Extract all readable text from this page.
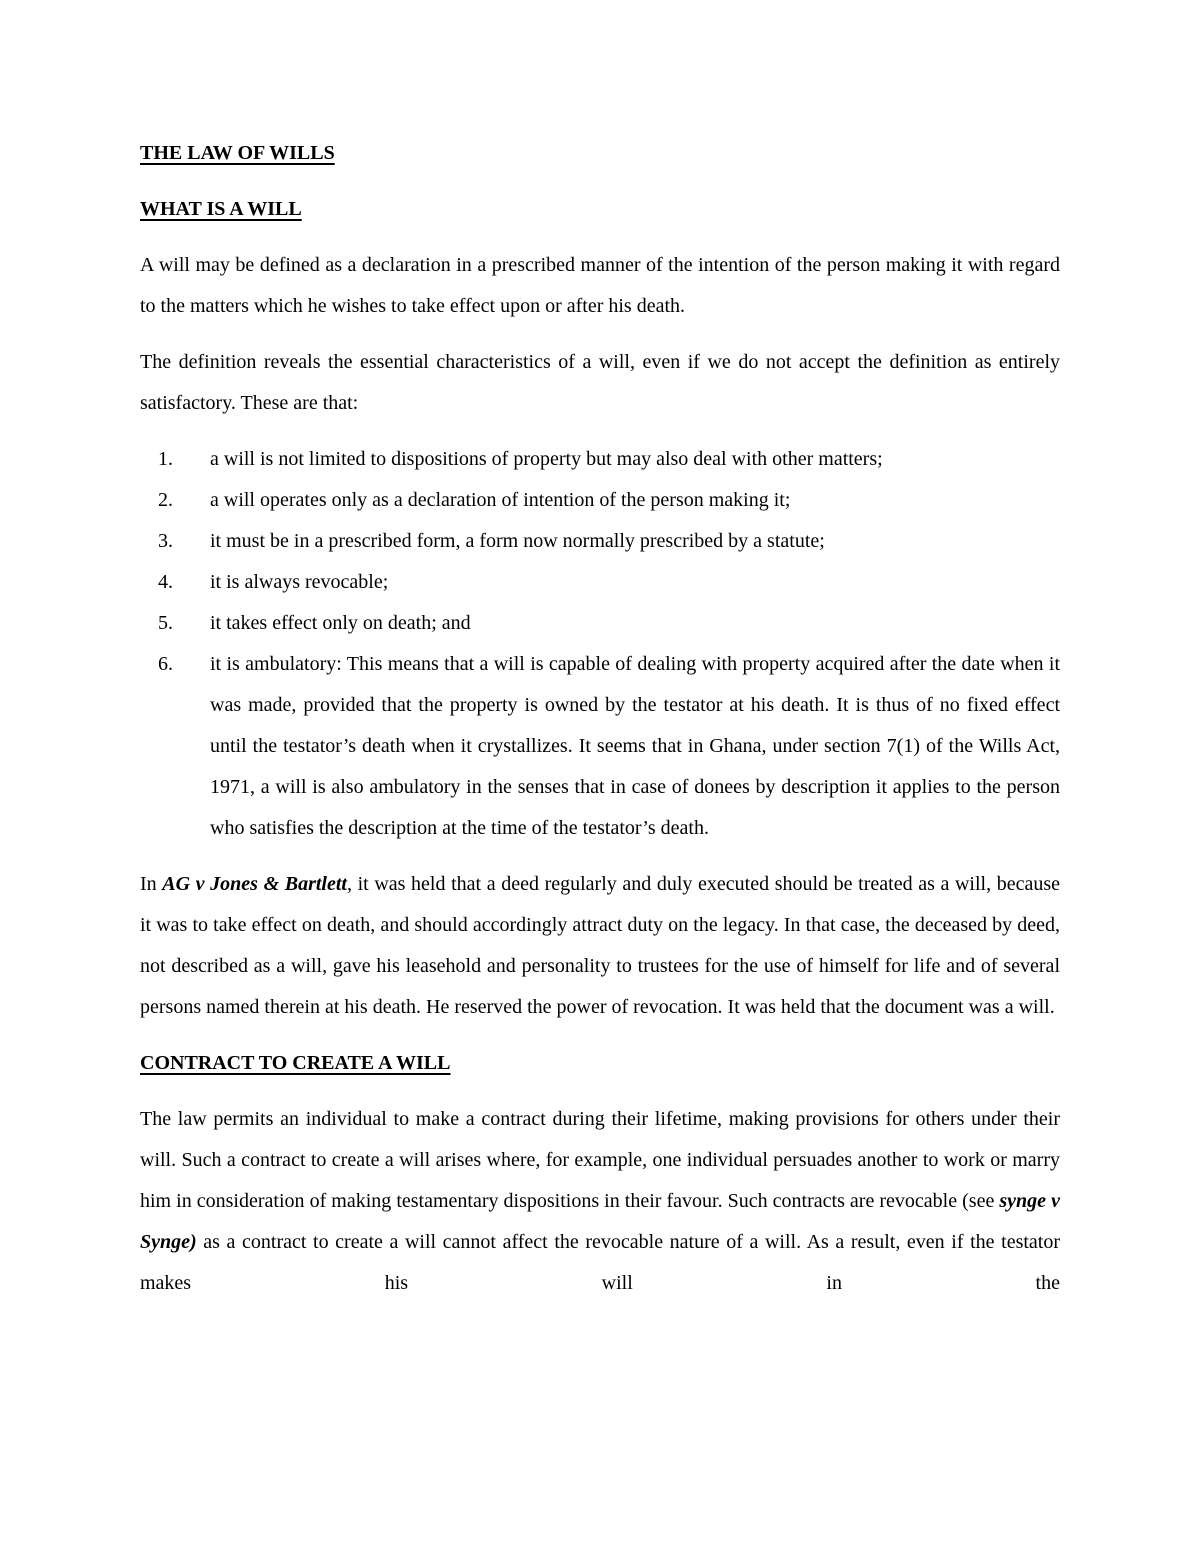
THE LAW OF WILLS
WHAT IS A WILL

A will may be defined as a declaration in a prescribed manner of the intention of the person making it with regard to the matters which he wishes to take effect upon or after his death.

The definition reveals the essential characteristics of a will, even if we do not accept the definition as entirely satisfactory. These are that:

a will is not limited to dispositions of property but may also deal with other matters;
a will operates only as a declaration of intention of the person making it;
it must be in a prescribed form, a form now normally prescribed by a statute;
it is always revocable;
it takes effect only on death; and
it is ambulatory: This means that a will is capable of dealing with property acquired after the date when it was made, provided that the property is owned by the testator at his death. It is thus of no fixed effect until the testator’s death when it crystallizes. It seems that in Ghana, under section 7(1) of the Wills Act, 1971, a will is also ambulatory in the senses that in case of donees by description it applies to the person who satisfies the description at the time of the testator’s death.

In AG v Jones & Bartlett, it was held that a deed regularly and duly executed should be treated as a will, because it was to take effect on death, and should accordingly attract duty on the legacy. In that case, the deceased by deed, not described as a will, gave his leasehold and personality to trustees for the use of himself for life and of several persons named therein at his death. He reserved the power of revocation. It was held that the document was a will.

CONTRACT TO CREATE A WILL

The law permits an individual to make a contract during their lifetime, making provisions for others under their will. Such a contract to create a will arises where, for example, one individual persuades another to work or marry him in consideration of making testamentary dispositions in their favour. Such contracts are revocable (see synge v Synge) as a contract to create a will cannot affect the revocable nature of a will. As a result, even if the testator makes his will in the
